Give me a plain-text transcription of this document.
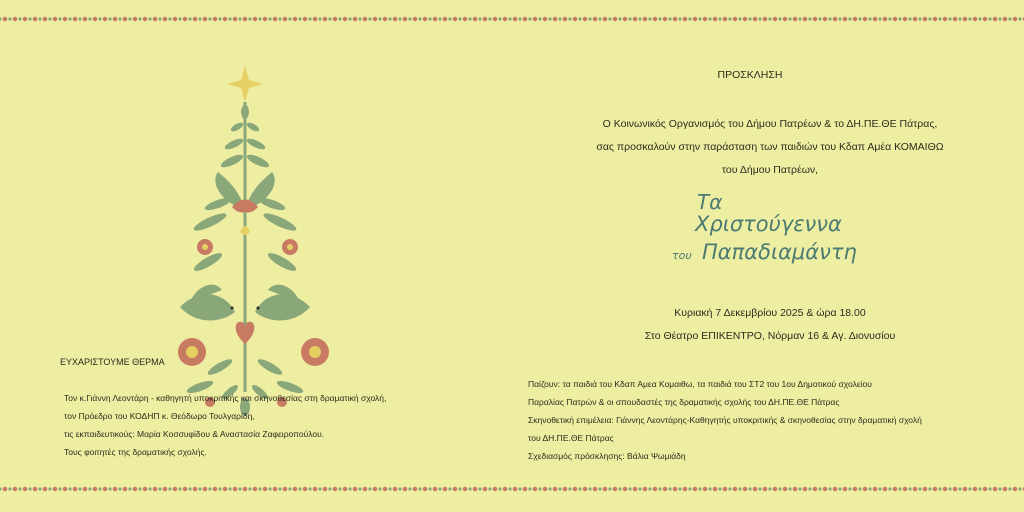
ΠΡΟΣΚΛΗΣΗ
Ο Κοινωνικός Οργανισμός του Δήμου Πατρέων & το ΔΗ.ΠΕ.ΘΕ Πάτρας,
σας προσκαλούν στην παράσταση των παιδιών του Κδαπ Αμέα ΚΟΜΑΙΘΩ
του Δήμου Πατρέων,
Τα
Χριστούγεννα
του Παπαδιαμάντη
Κυριακή 7 Δεκεμβρίου 2025 & ώρα 18.00
Στο Θέατρο ΕΠΙΚΕΝΤΡΟ, Νόρμαν 16 & Αγ. Διονυσίου
Παίζουν: τα παιδιά του Κδαπ Αμεα Κομαιθω, τα παιδιά του ΣΤ2 του 1ου Δημοτικού σχολείου
Παραλίας Πατρών & οι σπουδαστές της δραματικής σχολής του ΔΗ.ΠΕ.ΘΕ Πάτρας
Σκηνοθετική επιμέλεια: Γιάννης Λεοντάρης-Καθηγητής υποκριτικής & σκηνοθεσίας στην δραματική σχολή
του ΔΗ.ΠΕ.ΘΕ Πάτρας
Σχεδιασμός πρόσκλησης: Βάλια Ψωμιάδη
ΕΥΧΑΡΙΣΤΟΥΜΕ ΘΕΡΜΑ
Τον κ.Γιάννη Λεοντάρη - καθηγητή υποκριτικής και σκηνοθεσίας στη δραματική σχολή,
τον Πρόεδρο του ΚΟΔΗΠ κ. Θεόδωρο Τουλγαρίδη,
τις εκπαιδευτικούς: Μαρία Κοσσυφίδου & Αναστασία Ζαφειροπούλου.
Τους φοιτητές της δραματικής σχολής.
